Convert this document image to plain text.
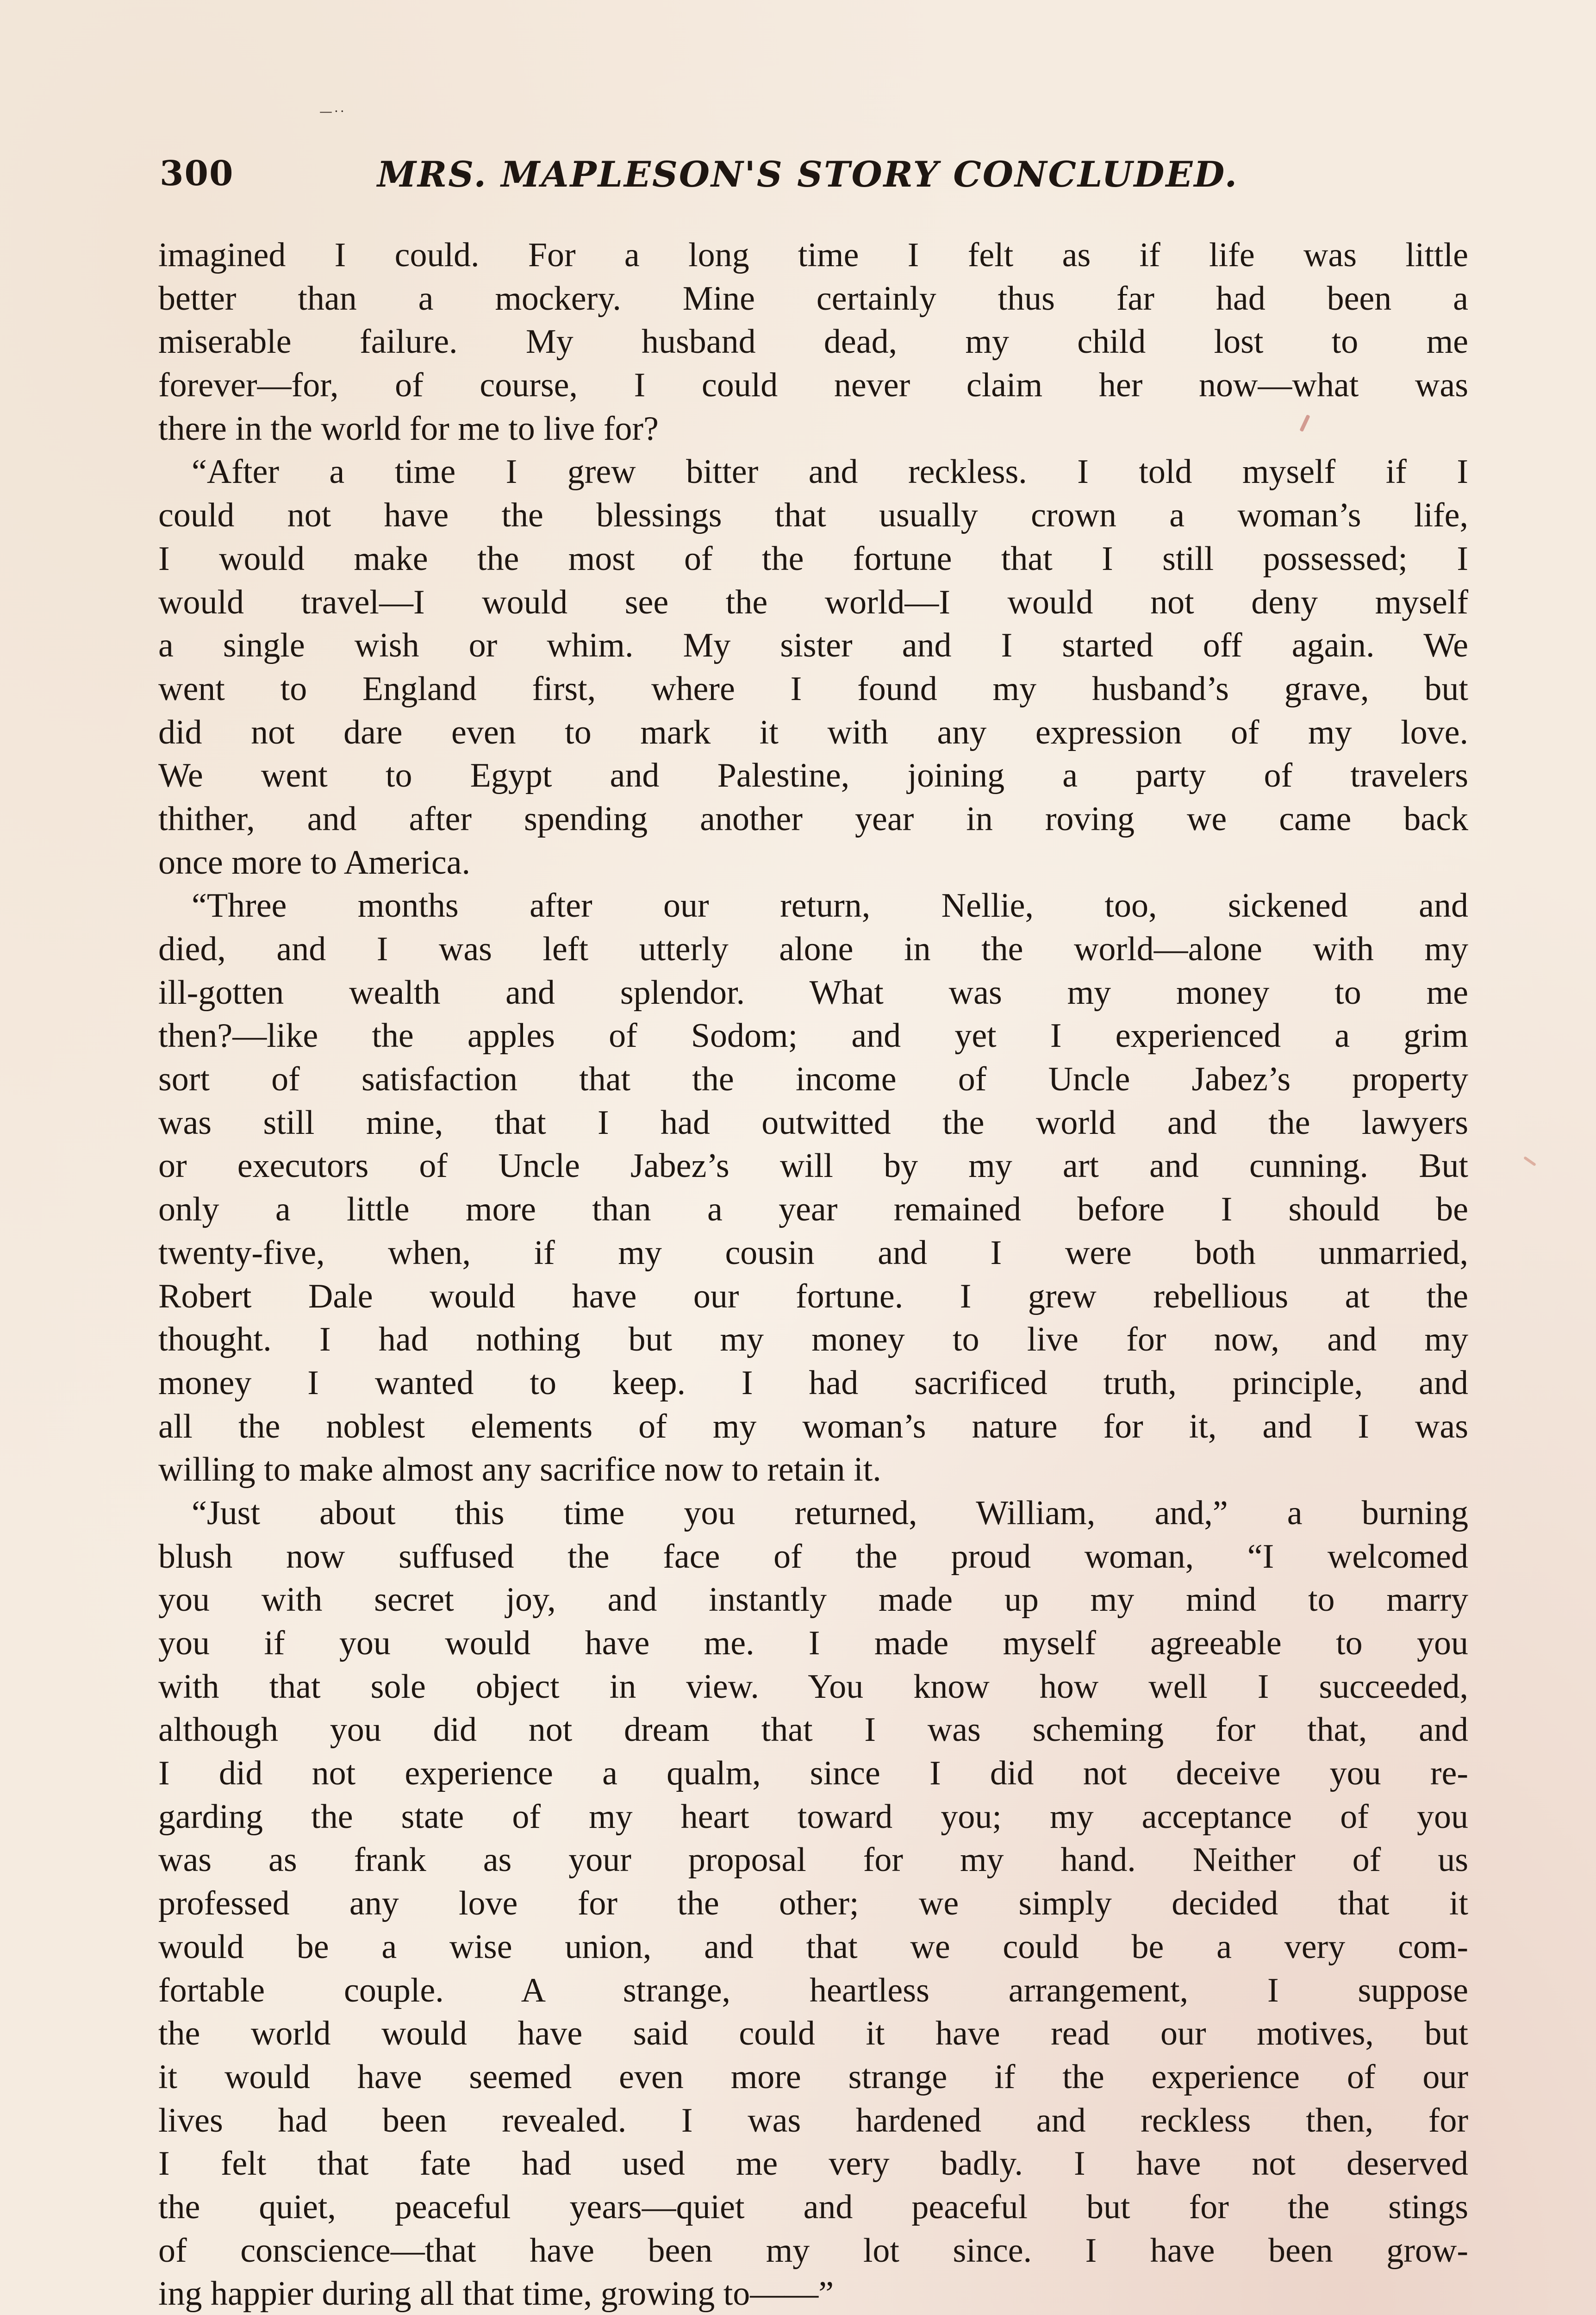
—··
300	MRS. MAPLESON'S STORY CONCLUDED.
imagined I could. For a long time I felt as if life was little
better than a mockery. Mine certainly thus far had been a
miserable failure. My husband dead, my child lost to me
forever—for, of course, I could never claim her now—what was
there in the world for me to live for?
“After a time I grew bitter and reckless. I told myself if I
could not have the blessings that usually crown a woman’s life,
I would make the most of the fortune that I still possessed; I
would travel—I would see the world—I would not deny myself
a single wish or whim. My sister and I started off again. We
went to England first, where I found my husband’s grave, but
did not dare even to mark it with any expression of my love.
We went to Egypt and Palestine, joining a party of travelers
thither, and after spending another year in roving we came back
once more to America.
“Three months after our return, Nellie, too, sickened and
died, and I was left utterly alone in the world—alone with my
ill-gotten wealth and splendor. What was my money to me
then?—like the apples of Sodom; and yet I experienced a grim
sort of satisfaction that the income of Uncle Jabez’s property
was still mine, that I had outwitted the world and the lawyers
or executors of Uncle Jabez’s will by my art and cunning. But
only a little more than a year remained before I should be
twenty-five, when, if my cousin and I were both unmarried,
Robert Dale would have our fortune. I grew rebellious at the
thought. I had nothing but my money to live for now, and my
money I wanted to keep. I had sacrificed truth, principle, and
all the noblest elements of my woman’s nature for it, and I was
willing to make almost any sacrifice now to retain it.
“Just about this time you returned, William, and,” a burning
blush now suffused the face of the proud woman, “I welcomed
you with secret joy, and instantly made up my mind to marry
you if you would have me. I made myself agreeable to you
with that sole object in view. You know how well I succeeded,
although you did not dream that I was scheming for that, and
I did not experience a qualm, since I did not deceive you re-
garding the state of my heart toward you; my acceptance of you
was as frank as your proposal for my hand. Neither of us
professed any love for the other; we simply decided that it
would be a wise union, and that we could be a very com-
fortable couple. A strange, heartless arrangement, I suppose
the world would have said could it have read our motives, but
it would have seemed even more strange if the experience of our
lives had been revealed. I was hardened and reckless then, for
I felt that fate had used me very badly. I have not deserved
the quiet, peaceful years—quiet and peaceful but for the stings
of conscience—that have been my lot since. I have been grow-
ing happier during all that time, growing to——”
